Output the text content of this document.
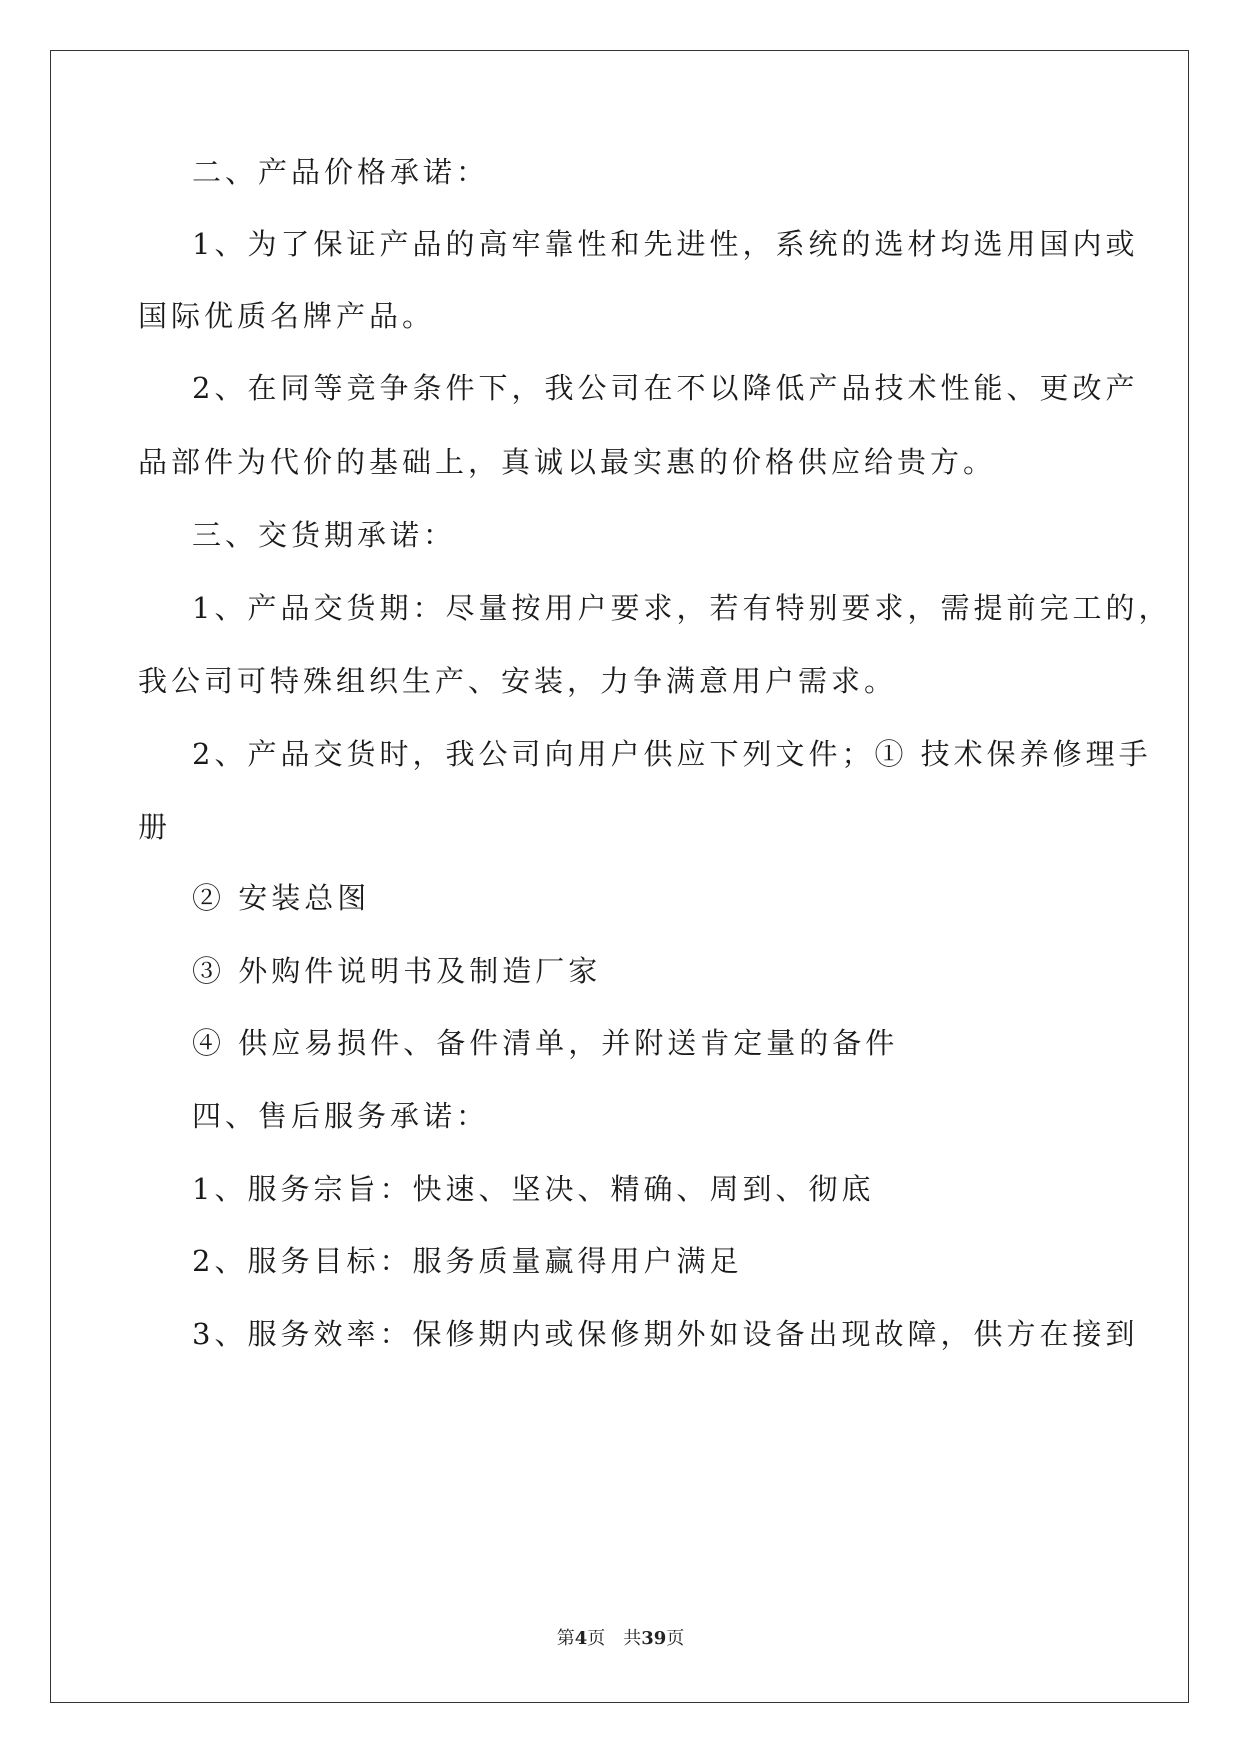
二、产品价格承诺：
1、为了保证产品的高牢靠性和先进性，系统的选材均选用国内或
国际优质名牌产品。
2、在同等竞争条件下，我公司在不以降低产品技术性能、更改产
品部件为代价的基础上，真诚以最实惠的价格供应给贵方。
三、交货期承诺：
1、产品交货期：尽量按用户要求，若有特别要求，需提前完工的，
我公司可特殊组织生产、安装，力争满意用户需求。
2、产品交货时，我公司向用户供应下列文件；① 技术保养修理手
册
② 安装总图
③ 外购件说明书及制造厂家
④ 供应易损件、备件清单，并附送肯定量的备件
四、售后服务承诺：
1、服务宗旨：快速、坚决、精确、周到、彻底
2、服务目标：服务质量赢得用户满足
3、服务效率：保修期内或保修期外如设备出现故障，供方在接到
第4页 共39页
